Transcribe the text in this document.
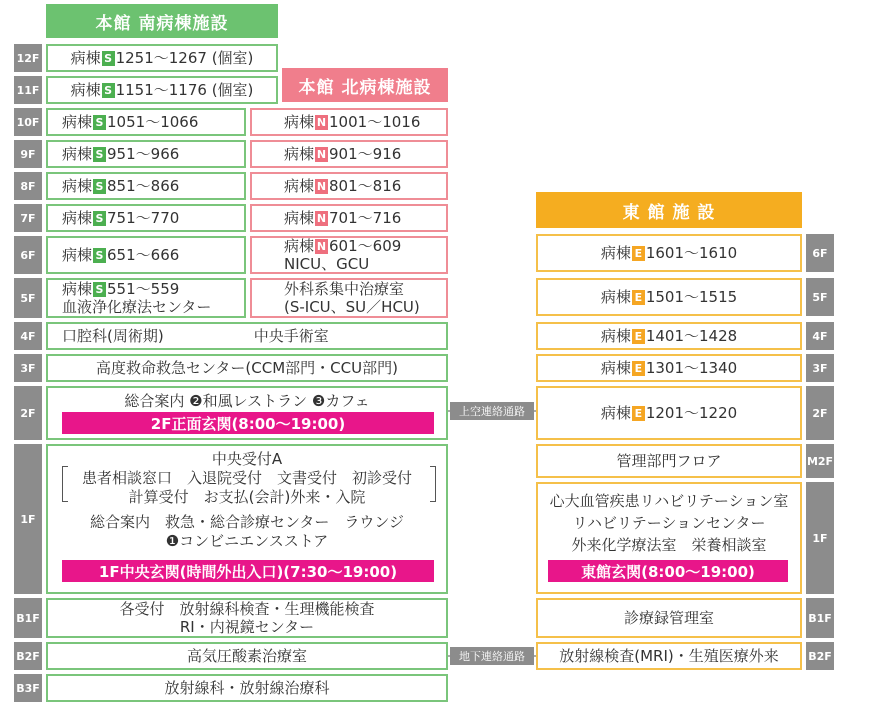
本館 南病棟施設
本館 北病棟施設
東 館 施 設
12F
11F
10F
9F
8F
7F
6F
5F
4F
3F
2F
1F
B1F
B2F
B3F
病棟 S 1251〜1267 (個室)
病棟 S 1151〜1176 (個室)
病棟 S 1051〜1066
病棟 S 951〜966
病棟 S 851〜866
病棟 S 751〜770
病棟 S 651〜666
病棟 S 551〜559
血液浄化療法センター
病棟 N 1001〜1016
病棟 N 901〜916
病棟 N 801〜816
病棟 N 701〜716
病棟 N 601〜609
NICU、GCU
外科系集中治療室
(S-ICU、SU／HCU)
口腔科(周術期)	中央手術室
高度救命救急センター(CCM部門・CCU部門)
総合案内 ❷和風レストラン ❸カフェ
2F正面玄関(8:00〜19:00)
中央受付A
患者相談窓口　入退院受付　文書受付　初診受付
計算受付　お支払(会計)外来・入院
総合案内　救急・総合診療センター　ラウンジ
❶コンビニエンスストア
1F中央玄関(時間外出入口)(7:30〜19:00)
各受付　放射線科検査・生理機能検査
RI・内視鏡センター
高気圧酸素治療室
放射線科・放射線治療科
上空連絡通路
地下連絡通路
病棟 E 1601〜1610
病棟 E 1501〜1515
病棟 E 1401〜1428
病棟 E 1301〜1340
病棟 E 1201〜1220
管理部門フロア
心大血管疾患リハビリテーション室
リハビリテーションセンター
外来化学療法室　栄養相談室
東館玄関(8:00〜19:00)
診療録管理室
放射線検査(MRI)・生殖医療外来
6F
5F
4F
3F
2F
M2F
1F
B1F
B2F
